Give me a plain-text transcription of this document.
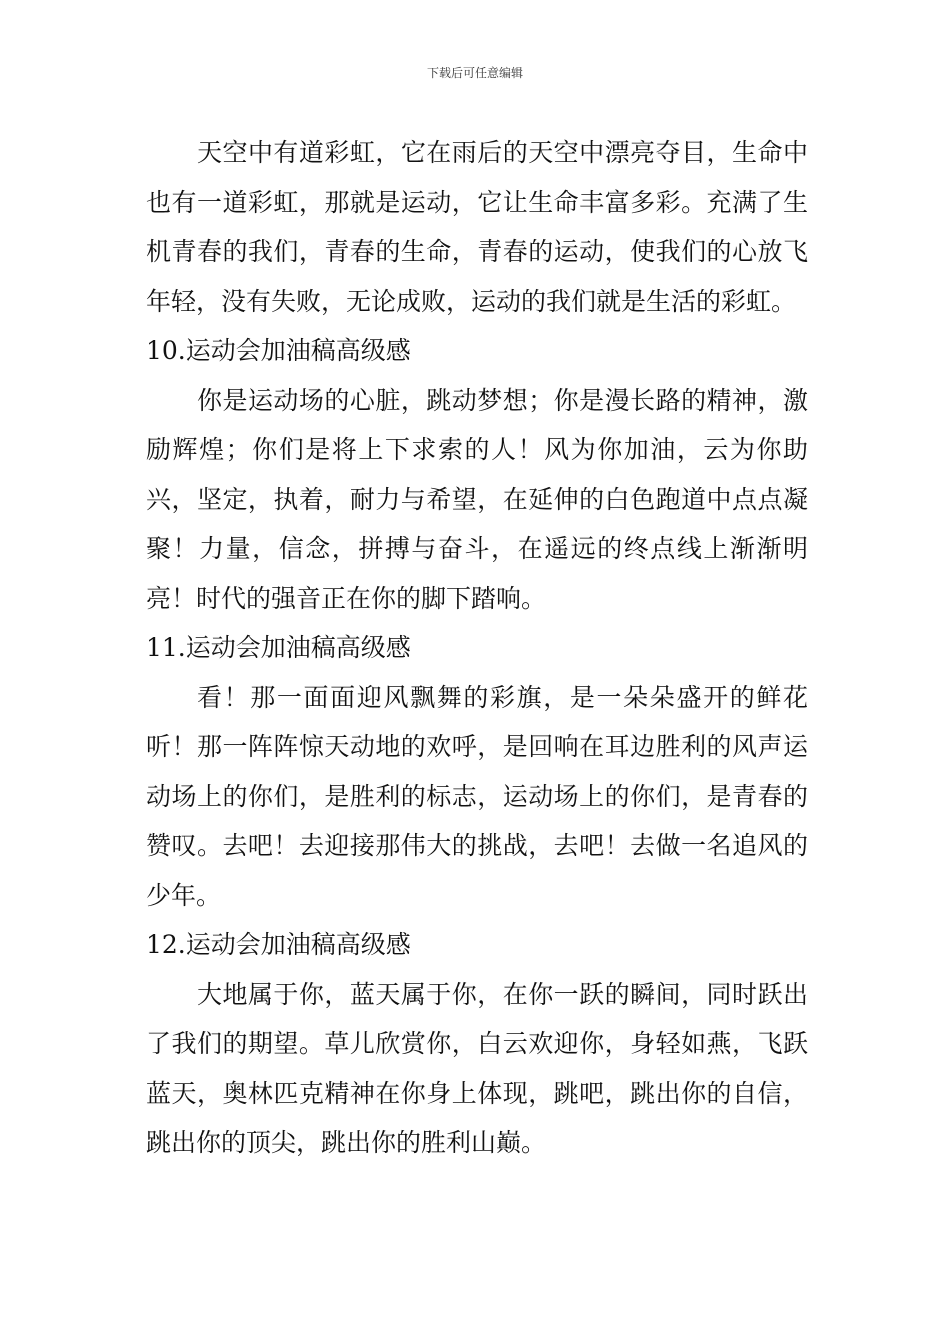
下载后可任意编辑

天空中有道彩虹，它在雨后的天空中漂亮夺目，生命中也有一道彩虹，那就是运动，它让生命丰富多彩。充满了生机青春的我们，青春的生命，青春的运动，使我们的心放飞年轻，没有失败，无论成败，运动的我们就是生活的彩虹。

10.运动会加油稿高级感

你是运动场的心脏，跳动梦想；你是漫长路的精神，激励辉煌；你们是将上下求索的人！风为你加油，云为你助兴，坚定，执着，耐力与希望，在延伸的白色跑道中点点凝聚！力量，信念，拼搏与奋斗，在遥远的终点线上渐渐明亮！时代的强音正在你的脚下踏响。

11.运动会加油稿高级感

看！那一面面迎风飘舞的彩旗，是一朵朵盛开的鲜花听！那一阵阵惊天动地的欢呼，是回响在耳边胜利的风声运动场上的你们，是胜利的标志，运动场上的你们，是青春的赞叹。去吧！去迎接那伟大的挑战，去吧！去做一名追风的少年。

12.运动会加油稿高级感

大地属于你，蓝天属于你，在你一跃的瞬间，同时跃出了我们的期望。草儿欣赏你，白云欢迎你，身轻如燕，飞跃蓝天，奥林匹克精神在你身上体现，跳吧，跳出你的自信，跳出你的顶尖，跳出你的胜利山巅。
